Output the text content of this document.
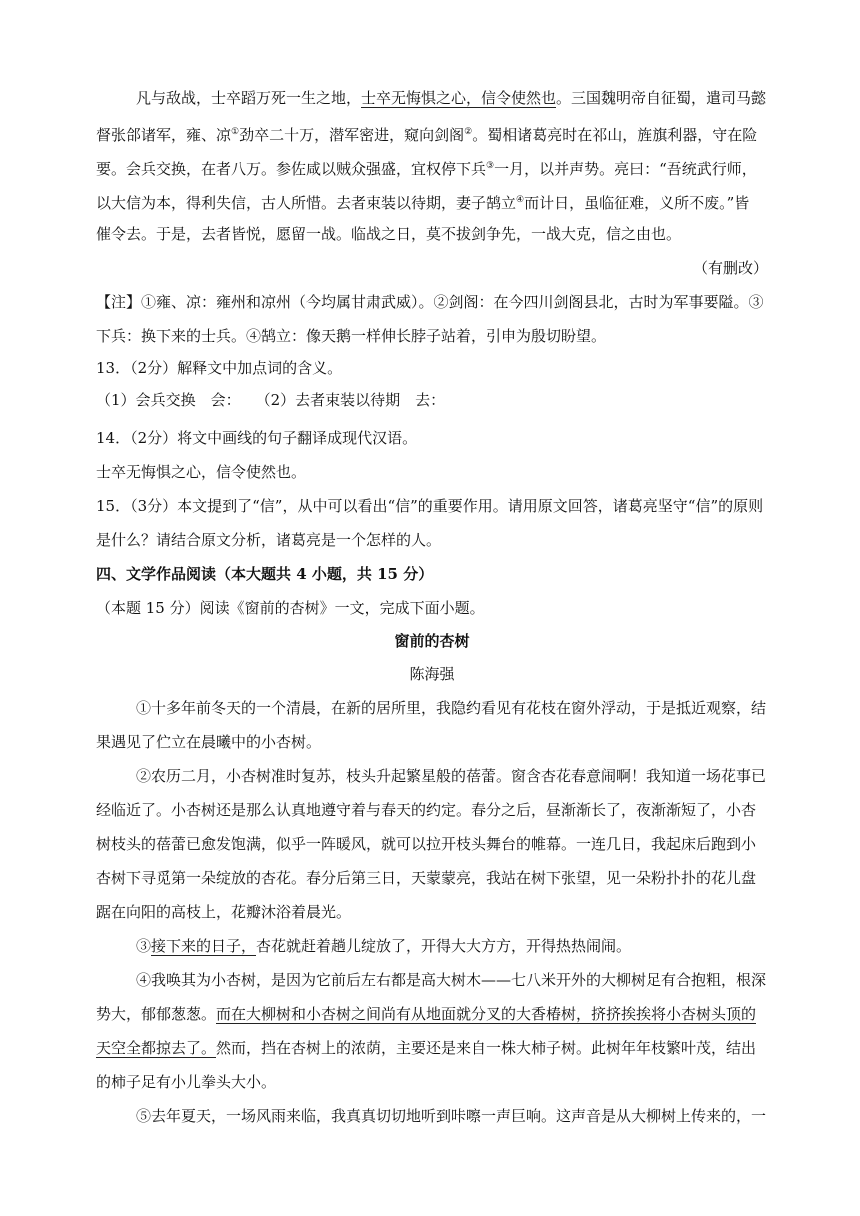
凡与敌战，士卒蹈万死一生之地，士卒无悔惧之心，信令使然也。三国魏明帝自征蜀，遣司马懿
督张郃诸军，雍、凉①劲卒二十万，潜军密进，窥向剑阁②。蜀相诸葛亮时在祁山，旌旗利器，守在险
要。会兵交换，在者八万。参佐咸以贼众强盛，宜权停下兵③一月，以并声势。亮曰：“吾统武行师，
以大信为本，得利失信，古人所惜。去者束装以待期，妻子鹄立④而计日，虽临征难，义所不废。”皆
催令去。于是，去者皆悦，愿留一战。临战之日，莫不拔剑争先，一战大克，信之由也。
（有删改）
【注】①雍、凉：雍州和凉州（今均属甘肃武威）。②剑阁：在今四川剑阁县北，古时为军事要隘。③
下兵：换下来的士兵。④鹄立：像天鹅一样伸长脖子站着，引申为殷切盼望。
13．（2分）解释文中加点词的含义。
（1）会兵交换　会：　　 （2）去者束装以待期　去：
14．（2分）将文中画线的句子翻译成现代汉语。
士卒无悔惧之心，信令使然也。
15．（3分）本文提到了“信”，从中可以看出“信”的重要作用。请用原文回答，诸葛亮坚守“信”的原则
是什么？请结合原文分析，诸葛亮是一个怎样的人。
四、文学作品阅读（本大题共 4 小题，共 15 分）
（本题 15 分）阅读《窗前的杏树》一文，完成下面小题。
窗前的杏树
陈海强
①十多年前冬天的一个清晨，在新的居所里，我隐约看见有花枝在窗外浮动，于是抵近观察，结
果遇见了伫立在晨曦中的小杏树。
②农历二月，小杏树准时复苏，枝头升起繁星般的蓓蕾。窗含杏花春意闹啊！我知道一场花事已
经临近了。小杏树还是那么认真地遵守着与春天的约定。春分之后，昼渐渐长了，夜渐渐短了，小杏
树枝头的蓓蕾已愈发饱满，似乎一阵暖风，就可以拉开枝头舞台的帷幕。一连几日，我起床后跑到小
杏树下寻觅第一朵绽放的杏花。春分后第三日，天蒙蒙亮，我站在树下张望，见一朵粉扑扑的花儿盘
踞在向阳的高枝上，花瓣沐浴着晨光。
③接下来的日子，杏花就赶着趟儿绽放了，开得大大方方，开得热热闹闹。
④我唤其为小杏树，是因为它前后左右都是高大树木——七八米开外的大柳树足有合抱粗，根深
势大，郁郁葱葱。而在大柳树和小杏树之间尚有从地面就分叉的大香椿树，挤挤挨挨将小杏树头顶的
天空全都掠去了。然而，挡在杏树上的浓荫，主要还是来自一株大柿子树。此树年年枝繁叶茂，结出
的柿子足有小儿拳头大小。
⑤去年夏天，一场风雨来临，我真真切切地听到咔嚓一声巨响。这声音是从大柳树上传来的，一
